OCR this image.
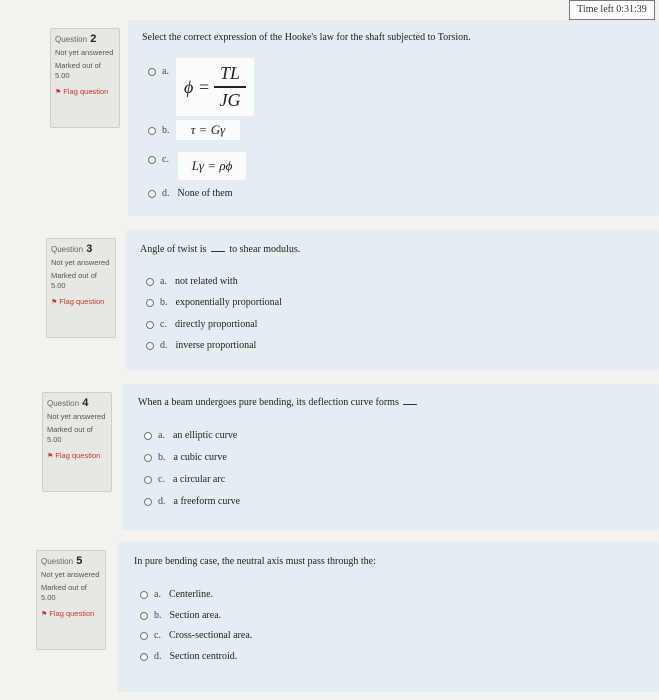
Time left 0:31:39
Question 2
Not yet answered
Marked out of
5.00
⚑ Flag question
Select the correct expression of the Hooke's law for the shaft subjected to Torsion.
a.
$\phi = \frac{TL}{JG}$
b.	τ = Gγ
c.	Lγ = ρϕ
d. None of them
Question 3
Not yet answered
Marked out of
5.00
⚑ Flag question
Angle of twist is to shear modulus.
a. not related with
b. exponentially proportional
c. directly proportional
d. inverse proportional
Question 4
Not yet answered
Marked out of
5.00
⚑ Flag question
When a beam undergoes pure bending, its deflection curve forms
a. an elliptic curve
b. a cubic curve
c. a circular arc
d. a freeform curve
Question 5
Not yet answered
Marked out of
5.00
⚑ Flag question
In pure bending case, the neutral axis must pass through the:
a. Centerline.
b. Section area.
c. Cross-sectional area.
d. Section centroid.
